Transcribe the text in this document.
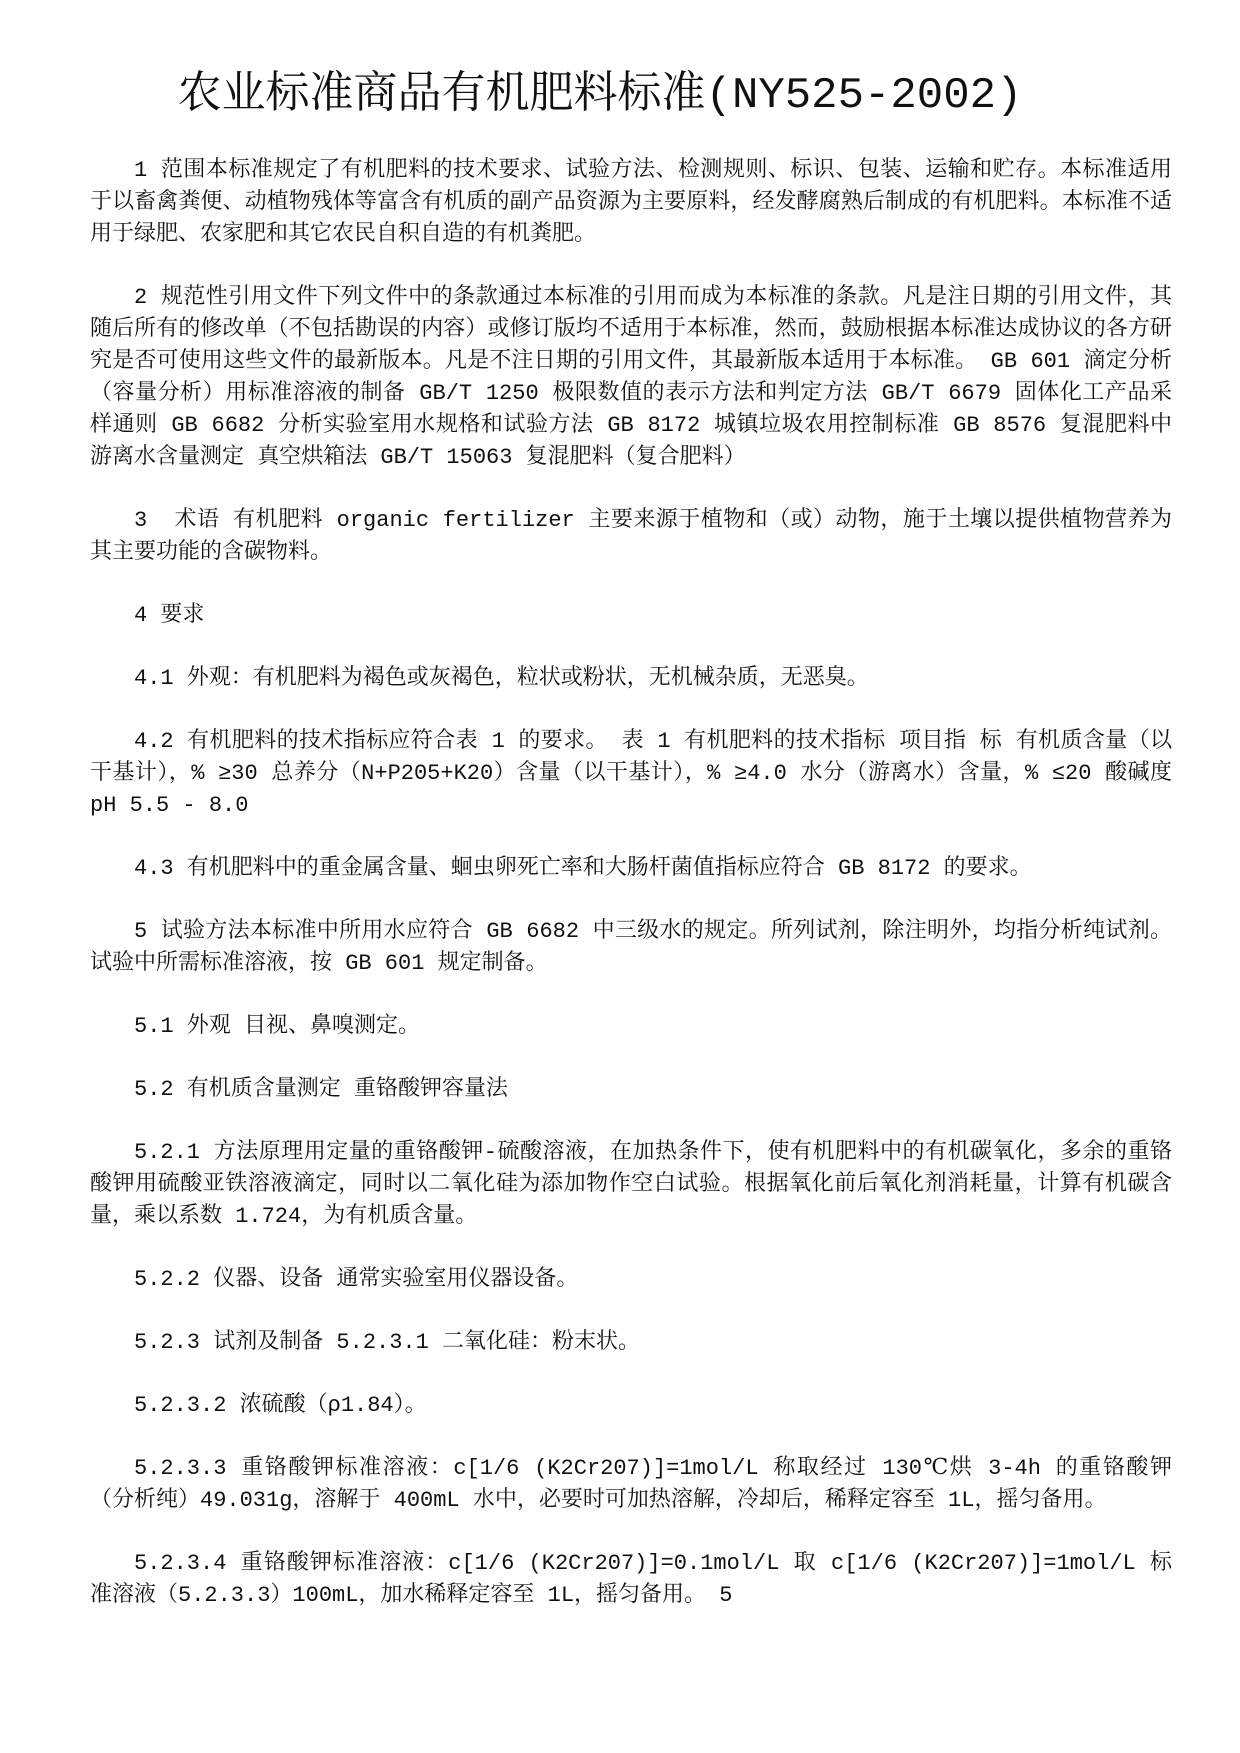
农业标准商品有机肥料标准(NY525-2002)

1 范围本标准规定了有机肥料的技术要求、试验方法、检测规则、标识、包装、运输和贮存。本标准适用于以畜禽粪便、动植物残体等富含有机质的副产品资源为主要原料，经发酵腐熟后制成的有机肥料。本标准不适用于绿肥、农家肥和其它农民自积自造的有机粪肥。

2 规范性引用文件下列文件中的条款通过本标准的引用而成为本标准的条款。凡是注日期的引用文件，其随后所有的修改单（不包括勘误的内容）或修订版均不适用于本标准，然而，鼓励根据本标准达成协议的各方研究是否可使用这些文件的最新版本。凡是不注日期的引用文件，其最新版本适用于本标准。 GB 601 滴定分析（容量分析）用标准溶液的制备 GB/T 1250 极限数值的表示方法和判定方法 GB/T 6679 固体化工产品采样通则 GB 6682 分析实验室用水规格和试验方法 GB 8172 城镇垃圾农用控制标准 GB 8576 复混肥料中游离水含量测定 真空烘箱法 GB/T 15063 复混肥料（复合肥料）

3  术语 有机肥料 organic fertilizer 主要来源于植物和（或）动物，施于土壤以提供植物营养为其主要功能的含碳物料。

4 要求

4.1 外观：有机肥料为褐色或灰褐色，粒状或粉状，无机械杂质，无恶臭。

4.2 有机肥料的技术指标应符合表 1 的要求。 表 1 有机肥料的技术指标 项目指 标 有机质含量（以干基计），% ≥30 总养分（N+P205+K20）含量（以干基计），% ≥4.0 水分（游离水）含量，% ≤20 酸碱度 pH 5.5 - 8.0

4.3 有机肥料中的重金属含量、蛔虫卵死亡率和大肠杆菌值指标应符合 GB 8172 的要求。

5 试验方法本标准中所用水应符合 GB 6682 中三级水的规定。所列试剂，除注明外，均指分析纯试剂。试验中所需标准溶液，按 GB 601 规定制备。

5.1 外观 目视、鼻嗅测定。

5.2 有机质含量测定 重铬酸钾容量法

5.2.1 方法原理用定量的重铬酸钾-硫酸溶液，在加热条件下，使有机肥料中的有机碳氧化，多余的重铬酸钾用硫酸亚铁溶液滴定，同时以二氧化硅为添加物作空白试验。根据氧化前后氧化剂消耗量，计算有机碳含量，乘以系数 1.724，为有机质含量。

5.2.2 仪器、设备 通常实验室用仪器设备。

5.2.3 试剂及制备 5.2.3.1 二氧化硅：粉末状。

5.2.3.2 浓硫酸（ρ1.84）。

5.2.3.3 重铬酸钾标准溶液：c[1/6 (K2Cr207)]=1mol/L 称取经过 130℃烘 3-4h 的重铬酸钾（分析纯）49.031g，溶解于 400mL 水中，必要时可加热溶解，冷却后，稀释定容至 1L，摇匀备用。

5.2.3.4 重铬酸钾标准溶液：c[1/6 (K2Cr207)]=0.1mol/L 取 c[1/6 (K2Cr207)]=1mol/L 标准溶液（5.2.3.3）100mL，加水稀释定容至 1L，摇匀备用。 5
